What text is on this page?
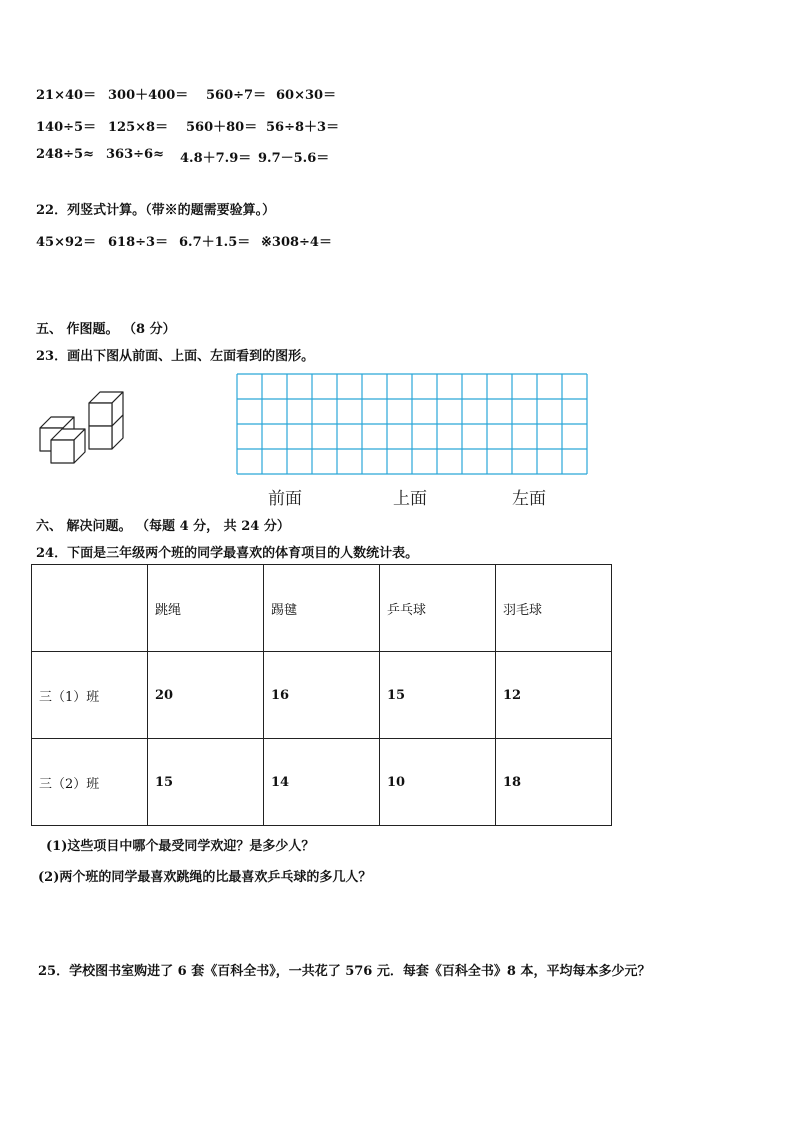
21×40＝ 300＋400＝ 560÷7＝ 60×30＝
140÷5＝ 125×8＝ 560＋80＝ 56÷8＋3＝
248÷5≈ 363÷6≈ 4.8＋7.9＝ 9.7－5.6＝
22．列竖式计算。（带※的题需要验算。）
45×92＝ 618÷3＝ 6.7＋1.5＝ ※308÷4＝
五、 作图题。 （8 分）
23．画出下图从前面、上面、左面看到的图形。
前面	上面	左面
六、 解决问题。 （每题 4 分， 共 24 分）
24．下面是三年级两个班的同学最喜欢的体育项目的人数统计表。
	跳绳	踢毽	乒乓球	羽毛球
三（1）班	20	16	15	12
三（2）班	15	14	10	18
(1)这些项目中哪个最受同学欢迎？是多少人？
(2)两个班的同学最喜欢跳绳的比最喜欢乒乓球的多几人？
25．学校图书室购进了 6 套《百科全书》，一共花了 576 元．每套《百科全书》8 本，平均每本多少元？
